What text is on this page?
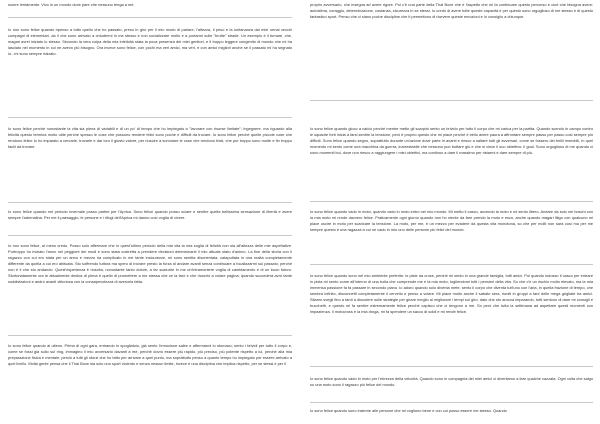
scorre lentamente. Vivo in un mondo dove pare che nessuno tenga a me.
Io non sono felice quando ripenso a tutto quello che ho passato, preso in giro per il mio modo di parlare, l'altezza, il peso e la lontananza dai miei ormai vecchi compagni di elementari, da lì che sono arrivato a chiudermi in me stesso e non socializzare molto e a portarmi sulle "brutte" strade. Un esempio è il fumare, che, magari avrei iniziato lo stesso. Secondo la vera colpa della mia infelicità stata la poca presenza dei miei genitori, e il troppo leggere congenito di mondo che mi ha lasciato nel momento in cui ne avevo più bisogno. Ora invece sono felice, con pochi ma veri amici, ma veri, e con amici migliori anche se il passato mi ha segnato io...mi sono sempre rialzato.
Io sono felice perché nonostante la vita sia piena di variabili e di un po' di tempo che ho impiegato a "lavorare con risorse limitate"; ingegnere, ma riguardo alla felicità questo termina molto utile perché spesso le cose che possono rendere felici sono poche e difficili da trovare. Io sono felice perché quelle piccole cose che rendono felice io ho imparato a cercarle, trovarle e dar loro il giusto valore, per riuscire a sorvolare le cose che rendono tristi, che pur troppo sono molte e fin troppo facili da trovare.
Io sono felice quando nel periodo invernale posso partire per l'Aprica. Sono felice quando posso sciare e sentire quella bellissima sensazione di libertà e avere sempre l'adrenalina. Per me il paesaggio, le persone e i rifugi dell'Aprica mi danno così voglia di vivere.
Io non sono felice, al meno credo. Posso solo affermare che in quest'ultimo periodo della mia vita la mia soglia di felicità non sia all'altezza delle mie aspettative. Purtroppo ho iniziato l'anno nel peggiore dei modi e sono stata costretta a prendere decisioni determinanti il mio attuale stato d'animo. La fine della storia con il ragazzo con cui ero stata per un anno e mezzo ha complicato in me tante insicurezze, mi sono sentita disorientata, catapultata in una realtà completamente differente da quella a cui ero abituata. Sto soffrendo tuttora ma spero di trovare presto la forza di andare avanti senza continuare a focalizzarmi sul passato, perché non è il che sto andando. Quest'esperienza è riuscita, nonostante tanto dolore, a far scaturire in me un'intramontere voglia di cambiamento e di un buon futuro. Sfortunatamente ora le attualmente dedica di piena è quello di promettere a me stessa che ce la farò e che riuscirò a volare pagina; quando succederà avrò tante soddisfazioni e andrò avanti vittoriosa con la consapevolezza di avercela fatta.
Io sono felice quando al ulteno. Prima di ogni gara, entrando in spogliatoio, già sento l'emozione salire e affermarmi lo stomaco; sento i brividi per tutto il corpo e, come se fossi già sullo sul ring, immagino il mio avversario davanti a me, perché dovrò essere più rapido, più preciso, più potente rispetto a lui, perché alla mia preparazione fisica e mentale, perciò a tutti gli sforzi che ho fatto per arrivare a quel punto, ma soprattutto penso a quanto tempo ho impiegato per essere arrivato a quel livello. Molta gente pensa che il Thai Boxe sia solo uno sport violento e senza nessun limite, invece è una disciplina che implica rispetto, per se stessi e per il
proprio avversario, che insegna ad avere rigore. Poi c'è una parte della Thai Boxe che è l'aspetto che mi fa continuare questo percorso e cioè che bisogna avere: autostima, coraggio, determinazione, costanza, sicurezza in se stessi. Io credo di avere tutte queste capacità e per questo sono orgoglioso di me stesso e di questo fantastico sport. Penso che ci siano poche discipline che ti permettono di ricevere queste emozioni e lo consiglio a chiunque.
Io sono felice quando gioco a calcio perché mentre metto gli scarpini sento un brivido per tutto il corpo che mi carica per la partita. Quando scendo in campo contro le squadre forti inizia a farsi sentire la tensione, però è proprio questo che mi piace perché è bello avere paura a affrontare sempre passo per passo così sempre più difficili. Sono felice quando segno, soprattutto durante un'azione dove parte in avanti e riesco a saltare tutti gli avversari, come se fossero dei birilli immobili, in quel momento mi sento come una macchina da guerra, inarrestabile che nessuno può buttare giù e che si vince il suo obiettivo: il goal. Sono orgoglioso di me quando ci sono momenti bui, dove non riesco a raggiungere i miei obiettivi, ma continuo a dare il massimo per ristarmi e dare sempre di più.
Io sono felice quando vado in moto, quando vado in moto entro nel mio mondo. Mi metto il casco, accendo la moto e mi sento libero. Andare da solo nei boschi con la mia moto mi rende davvero felice. Praticamente ogni giorno quando non ho niente da fare prendo la moto e esco, anche quando magari litigo con qualcuno mi piace uscire in moto per scaricare la tensione. La moto, per me, è un mezzo per evadere da questa vita monotona, so che per molti non sarà così ma per me sempre questo è una ragazza a cui ne vado in mio uno delle persone più felici del mondo.
Io sono felice quando sono nel mio ambiente preferito: le piste da cross, perché mi sento in una grande famiglia, tutti amici. Poi quando indosso il casco per entrare in pista mi sento come all'interno di una bolla che comprende me e la mia moto, togliendomi tutti i pensieri della vita. So che c'è un rischio molto elevato, ma la mia immensa passione fa fa passare in secondo piano. Io adoro quando solo diventa mete, sento il corpo che diventa tutt'uno con l'aria, in quella frazione di tempo, che sembra infinito, disconnetti completamente il cervello e penso a volare. Mi piace molto anche il sabato sera, riuniti in gruppi a fare delle mega grigliate tra amici. Stiamo svegli fino a tardi a discutere sulle strategie per girare meglio ai migliorare i tempi sul giro, dato che sto ancora imparando, tutti sentono di dare mi consigli e trucchetti, e questo mi fa sentire estremamente felice perché capisco che ci tengono a me. So però che tutta la settimana ad aspettare questi momenti con impazienza. Il motocross è la mia droga, mi fa spendere un sacco di soldi e mi rende felice.
Io sono felice quando vado in moto per l'ebrezza della velocità. Quando sono in compagnia dei miei amici ci divertiamo a fare qualche cazzata. Ogni volta che salgo su una moto sono il ragazzo più felice del mondo.
Io sono felice quando sono insieme alle persone che mi vogliono bene e con cui posso essere me stesso. Quando
